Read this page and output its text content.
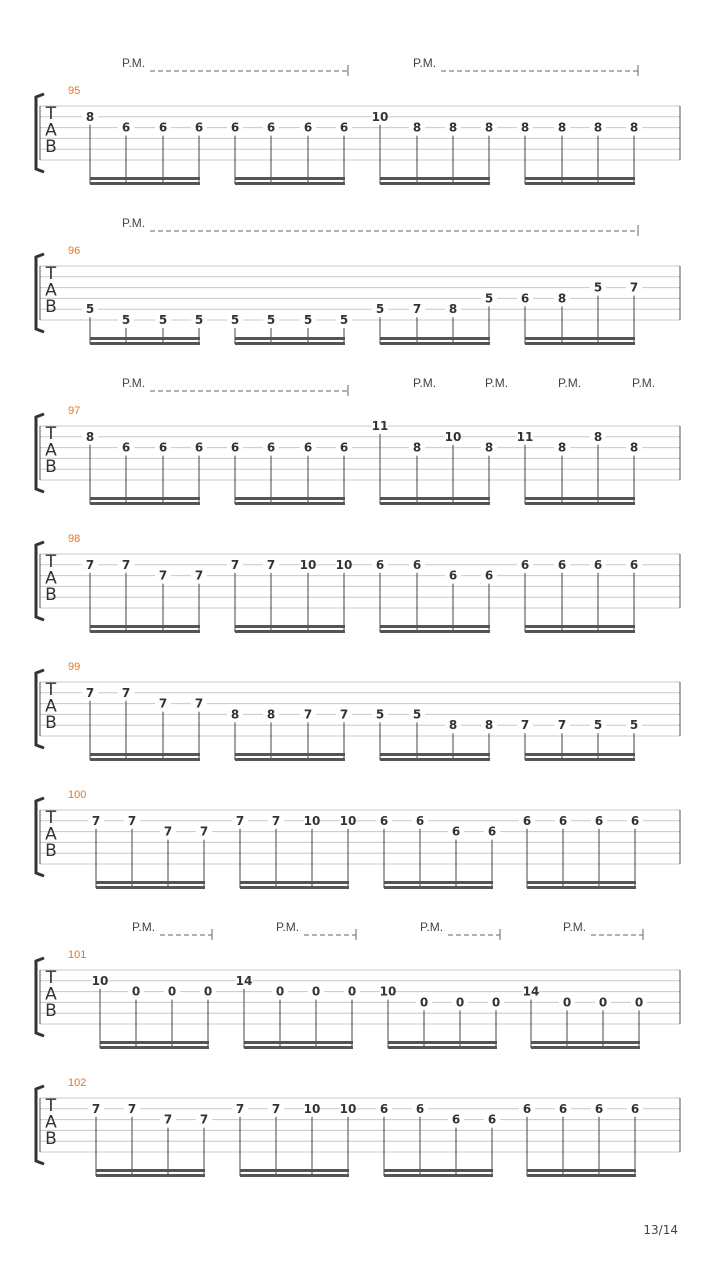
T
A
B
95
P.M.	P.M.
8
6 6 6 6 6 6 6
10
8 8 8 8 8 8 8
T
A
B
96
P.M.
5
5 5 5 5 5 5 5
5 7 8
5 6 8
5 7
T
A
B
97
P.M.	P.M.	P.M.	P.M.	P.M.
8
6 6 6 6 6 6 6
11
8
10
8
11
8
8
8
T
A
B
98
7 7
7 7
7 7 10 10 6 6
6 6
6 6 6 6
T
A
B
99
7 7
7 7
8 8 7 7 5 5
8 8 7 7 5 5
T
A
B
100
7 7
7 7
7 7 10 10 6 6
6 6
6 6 6 6
T
A
B
101
P.M.	P.M.	P.M.	P.M.
10
0 0 0
14
0 0 0 10
0 0 0
14
0 0 0
T
A
B
102
7 7
7 7
7 7 10 10 6 6
6 6
6 6 6 6
13/14
